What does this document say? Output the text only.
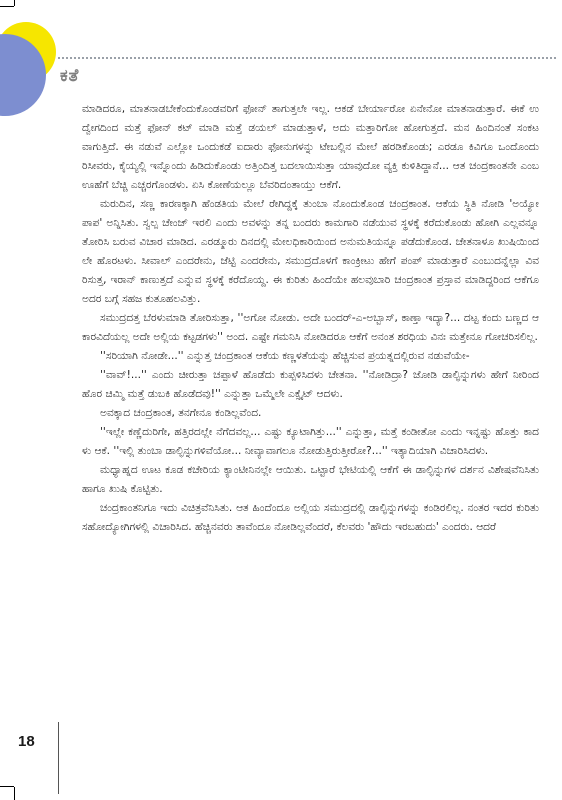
ಕತೆ

ಮಾಡಿದರೂ, ಮಾತನಾಡಬೇಕೆಂದುಕೊಂಡವರಿಗೆ ಫೋನ್ ತಾಗುತ್ತಲೇ ಇಲ್ಲ. ಆಕಡೆ ಬೇರ್ಯಾರೋ ಏನೇನೋ ಮಾತನಾಡುತ್ತಾರೆ. ಈಕೆ ಉದ್ವೇಗದಿಂದ ಮತ್ತೆ ಫೋನ್ ಕಟ್ ಮಾಡಿ ಮತ್ತೆ ಡಯಲ್ ಮಾಡುತ್ತಾಳೆ, ಅದು ಮತ್ತಾರಿಗೋ ಹೋಗುತ್ತದೆ. ಮನ ಹಿಂದಿನಂತೆ ಸಂಕಟವಾಗುತ್ತಿದೆ. ಈ ನಡುವೆ ಎಲ್ಲೋ ಒಂದುಕಡೆ ಐದಾರು ಫೋನುಗಳನ್ನು ಟೇಬಲ್ಲಿನ ಮೇಲೆ ಹರಡಿಕೊಂಡು; ಎರಡೂ ಕಿವಿಗೂ ಒಂದೊಂದು ರಿಸೀವರು, ಕೈಯ್ಯಲ್ಲಿ ಇನ್ನೊಂದು ಹಿಡಿದುಕೊಂಡು ಅತ್ತಿಂದಿತ್ತ ಬದಲಾಯಿಸುತ್ತಾ ಯಾವುದೋ ವ್ಯಕ್ತಿ ಕುಳಿತಿದ್ದಾನೆ... ಆತ ಚಂದ್ರಕಾಂತನೇ ಎಂಬ ಊಹೆಗೆ ಬೆಚ್ಚಿ ಎಚ್ಚರಗೊಂಡಳು. ಏಸಿ ಕೋಣೆಯಲ್ಲೂ ಬೆವರಿದಂತಾಯ್ತು ಆಕೆಗೆ.

ಮರುದಿನ, ಸಣ್ಣ ಕಾರಣಕ್ಕಾಗಿ ಹೆಂಡತಿಯ ಮೇಲೆ ರೇಗಿದ್ದಕ್ಕೆ ತುಂಬಾ ನೊಂದುಕೊಂಡ ಚಂದ್ರಕಾಂತ. ಆಕೆಯ ಸ್ಥಿತಿ ನೋಡಿ 'ಅಯ್ಯೋ ಪಾಪ' ಅನ್ನಿಸಿತು. ಸ್ವಲ್ಪ ಚೇಂಜ್ ಇರಲಿ ಎಂದು ಅವಳನ್ನು ತನ್ನ ಬಂದರು ಕಾಮಗಾರಿ ನಡೆಯುವ ಸ್ಥಳಕ್ಕೆ ಕರೆದುಕೊಂಡು ಹೋಗಿ ಎಲ್ಲವನ್ನೂ ತೋರಿಸಿ ಬರುವ ವಿಚಾರ ಮಾಡಿದ. ಎರಡ್ಮೂರು ದಿನದಲ್ಲಿ ಮೇಲಧಿಕಾರಿಯಿಂದ ಅನುಮತಿಯನ್ನೂ ಪಡೆದುಕೊಂಡ. ಚೇತನಾಳೂ ಖುಷಿಯಿಂದಲೇ ಹೊರಟಳು. ಸೀವಾಲ್ ಎಂದರೇನು, ಜೆಟ್ಟಿ ಎಂದರೇನು, ಸಮುದ್ರದೊಳಗೆ ಕಾಂಕ್ರೀಟು ಹೇಗೆ ಪಂಪ್ ಮಾಡುತ್ತಾರೆ ಎಂಬುದನ್ನೆಲ್ಲಾ ವಿವರಿಸುತ್ತ, ಇರಾನ್ ಕಾಣುತ್ತದೆ ಎನ್ನುವ ಸ್ಥಳಕ್ಕೆ ಕರೆದೊಯ್ದ. ಈ ಕುರಿತು ಹಿಂದೆಯೇ ಹಲವುಬಾರಿ ಚಂದ್ರಕಾಂತ ಪ್ರಸ್ತಾವ ಮಾಡಿದ್ದರಿಂದ ಆಕೆಗೂ ಅದರ ಬಗ್ಗೆ ಸಹಜ ಕುತೂಹಲವಿತ್ತು.

ಸಮುದ್ರದತ್ತ ಬೆರಳುಮಾಡಿ ತೋರಿಸುತ್ತಾ, ''ಅಗೋ ನೋಡು. ಅದೇ ಬಂದರ್-ಎ-ಅಬ್ಬಾಸ್, ಕಾಣ್ತಾ ಇದ್ಯಾ?... ದಟ್ಟ ಕಂದು ಬಣ್ಣದ ಆಕಾರವಿದೆಯಲ್ಲ ಅದೇ ಅಲ್ಲಿಯ ಕಟ್ಟಡಗಳು'' ಅಂದ. ಎಷ್ಟೇ ಗಮನಿಸಿ ನೋಡಿದರೂ ಆಕೆಗೆ ಅನಂತ ಶರಧಿಯ ವಿನಃ ಮತ್ತೇನೂ ಗೋಚರಿಸಲಿಲ್ಲ.

''ಸರಿಯಾಗಿ ನೋಡೇ...'' ಎನ್ನುತ್ತ ಚಂದ್ರಕಾಂತ ಆಕೆಯ ಕಣ್ಣಳತೆಯನ್ನು ಹೆಚ್ಚಿಸುವ ಪ್ರಯತ್ನದಲ್ಲಿರುವ ನಡುವೆಯೇ-

''ವಾವ್!...'' ಎಂದು ಚೀರುತ್ತಾ ಚಪ್ಪಾಳೆ ಹೊಡೆದು ಕುಪ್ಪಳಿಸಿದಳು ಚೇತನಾ. ''ನೋಡಿದ್ರಾ? ಜೋಡಿ ಡಾಲ್ಫಿನ್ನುಗಳು ಹೇಗೆ ನೀರಿಂದ ಹೊರ ಚಿಮ್ಮಿ ಮತ್ತೆ ಡುಬಕಿ ಹೊಡೆದವು!'' ಎನ್ನುತ್ತಾ ಒಮ್ಮೆಲೇ ಎಕ್ಸೈಟ್ ಆದಳು.

ಅವಕ್ಕಾದ ಚಂದ್ರಕಾಂತ, ತನಗೇನೂ ಕಂಡಿಲ್ಲವೆಂದ.

''ಇಲ್ಲೇ ಕಣ್ಣೆದುರಿಗೇ, ಹತ್ತಿರದಲ್ಲೇ ನೆಗೆದವಲ್ಲ... ಎಷ್ಟು ಕ್ಯೂಟಾಗಿತ್ತು...'' ಎನ್ನುತ್ತಾ, ಮತ್ತೆ ಕಂಡೀತೋ ಎಂದು ಇನ್ನಷ್ಟು ಹೊತ್ತು ಕಾದಳು ಆಕೆ. ''ಇಲ್ಲಿ ತುಂಬಾ ಡಾಲ್ಫಿನ್ನುಗಳಿವೆಯೋ... ನೀವ್ಯಾವಾಗಲೂ ನೋಡುತ್ತಿರುತ್ತೀರೋ?...'' ಇತ್ಯಾದಿಯಾಗಿ ವಿಚಾರಿಸಿದಳು.

ಮಧ್ಯಾಹ್ನದ ಊಟ ಕೂಡ ಕಚೇರಿಯ ಕ್ಯಾಂಟೀನಿನಲ್ಲೇ ಆಯಿತು. ಒಟ್ಟಾರೆ ಭೇಟಿಯಲ್ಲಿ ಆಕೆಗೆ ಈ ಡಾಲ್ಫಿನ್ನುಗಳ ದರ್ಶನ ವಿಶೇಷವೆನಿಸಿತು ಹಾಗೂ ಖುಷಿ ಕೊಟ್ಟಿತು.

ಚಂದ್ರಕಾಂತನಿಗೂ ಇದು ವಿಚಿತ್ರವೆನಿಸಿತು. ಆತ ಹಿಂದೆಂದೂ ಅಲ್ಲಿಯ ಸಮುದ್ರದಲ್ಲಿ ಡಾಲ್ಫಿನ್ನುಗಳನ್ನು ಕಂಡಿರಲಿಲ್ಲ. ನಂತರ ಇದರ ಕುರಿತು ಸಹೋದ್ಯೋಗಿಗಳಲ್ಲಿ ವಿಚಾರಿಸಿದ. ಹೆಚ್ಚಿನವರು ತಾವೆಂದೂ ನೋಡಿಲ್ಲವೆಂದರೆ, ಕೆಲವರು 'ಹೌದು ಇರಬಹುದು' ಎಂದರು. ಆದರೆ

18
